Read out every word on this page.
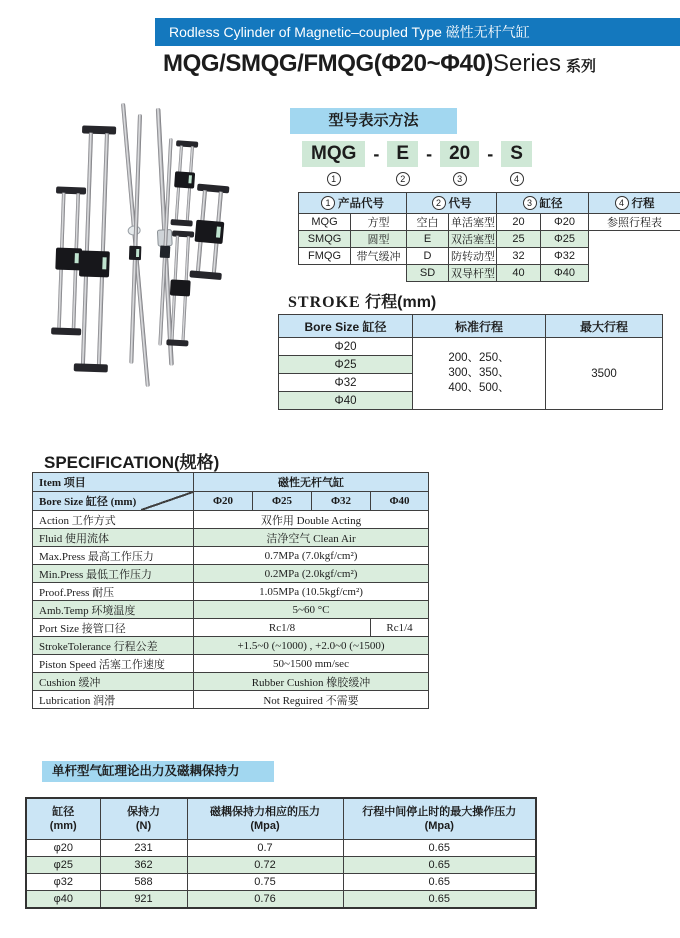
Rodless Cylinder of Magnetic–coupled Type 磁性无杆气缸
MQG/SMQG/FMQG(Φ20~Φ40)Series 系列
型号表示方法
MQG
1
- E
2
- 20
3
- S
4
1 产品代号		2 代号		3 缸径		4 行程
MQG	方型	空白	单活塞型	20	Φ20	参照行程表
SMQG	圆型	E	双活塞型	25	Φ25	
FMQG	带气缓冲	D	防转动型	32	Φ32	
		SD	双导杆型	40	Φ40	
STROKE 行程(mm)
Bore Size 缸径	标准行程	最大行程
Φ20	200、250、
300、350、
400、500、	3500
Φ25		
Φ32		
Φ40		
SPECIFICATION(规格)
Item 项目	磁性无杆气缸			
Bore Size 缸径 (mm)	Φ20	Φ25	Φ32	Φ40
Action 工作方式	双作用 Double Acting			
Fluid 使用流体	洁净空气 Clean Air			
Max.Press 最高工作压力	0.7MPa (7.0kgf/cm²)			
Min.Press 最低工作压力	0.2MPa (2.0kgf/cm²)			
Proof.Press 耐压	1.05MPa (10.5kgf/cm²)			
Amb.Temp 环境温度	5~60 °C			
Port Size 接管口径	Rc1/8			Rc1/4
StrokeTolerance 行程公差	+1.5~0 (~1000) , +2.0~0 (~1500)			
Piston Speed 活塞工作速度	50~1500 mm/sec			
Cushion 缓冲	Rubber Cushion 橡胶缓冲			
Lubrication 润滑	Not Reguired 不需要			
单杆型气缸理论出力及磁耦保持力
缸径
(mm)

保持力
(N)

磁耦保持力相应的压力
(Mpa)

行程中间停止时的最大操作压力
(Mpa)

φ20	231	0.7	0.65
φ25	362	0.72	0.65
φ32	588	0.75	0.65
φ40	921	0.76	0.65
